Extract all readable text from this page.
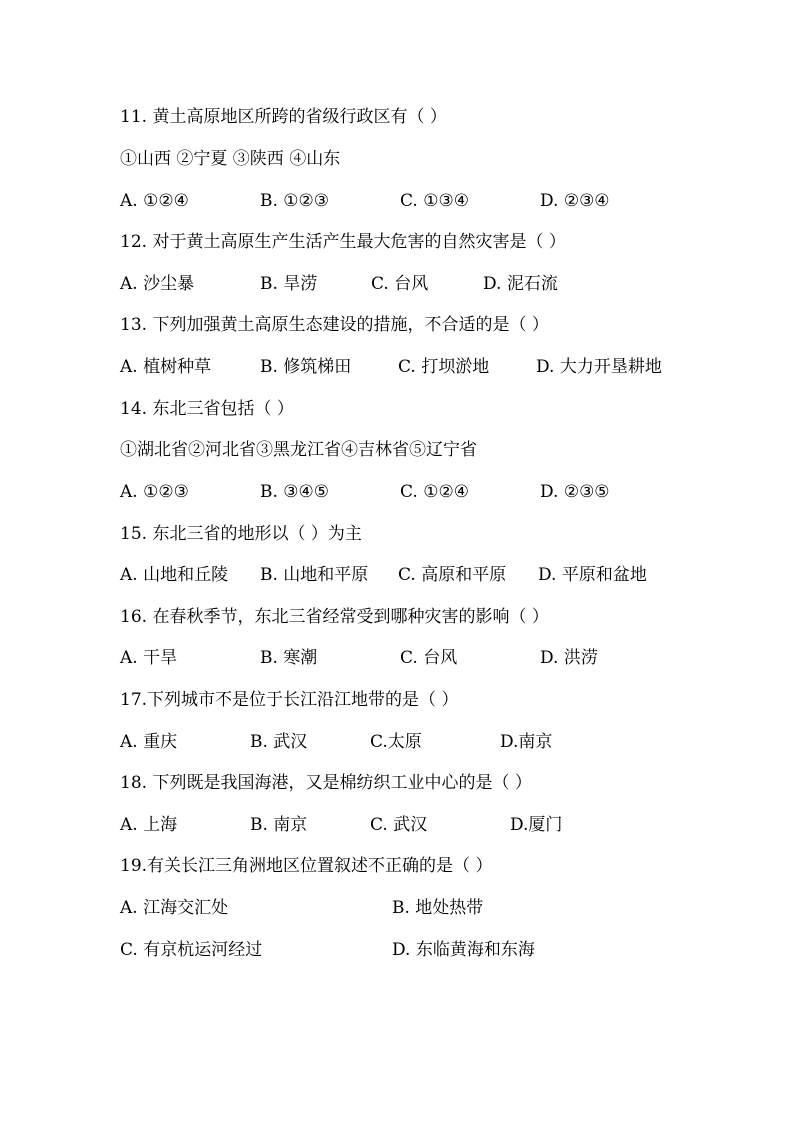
11. 黄土高原地区所跨的省级行政区有（ ）
①山西 ②宁夏 ③陕西 ④山东
A. ①②④	B. ①②③	C. ①③④	D. ②③④
12. 对于黄土高原生产生活产生最大危害的自然灾害是（ ）
A. 沙尘暴	B. 旱涝	C. 台风	D. 泥石流
13. 下列加强黄土高原生态建设的措施，不合适的是（ ）
A. 植树种草	B. 修筑梯田	C. 打坝淤地	D. 大力开垦耕地
14. 东北三省包括（ ）
①湖北省②河北省③黑龙江省④吉林省⑤辽宁省
A. ①②③	B. ③④⑤	C. ①②④	D. ②③⑤
15. 东北三省的地形以（ ）为主
A. 山地和丘陵 B. 山地和平原 C. 高原和平原 D. 平原和盆地
16. 在春秋季节，东北三省经常受到哪种灾害的影响（ ）
A. 干旱	B. 寒潮	C. 台风	D. 洪涝
17.下列城市不是位于长江沿江地带的是（ ）
A. 重庆	B. 武汉	C.太原	D.南京
18. 下列既是我国海港，又是棉纺织工业中心的是（ ）
A. 上海	B. 南京	C. 武汉	D.厦门
19.有关长江三角洲地区位置叙述不正确的是（ ）
A. 江海交汇处	B. 地处热带
C. 有京杭运河经过	D. 东临黄海和东海
